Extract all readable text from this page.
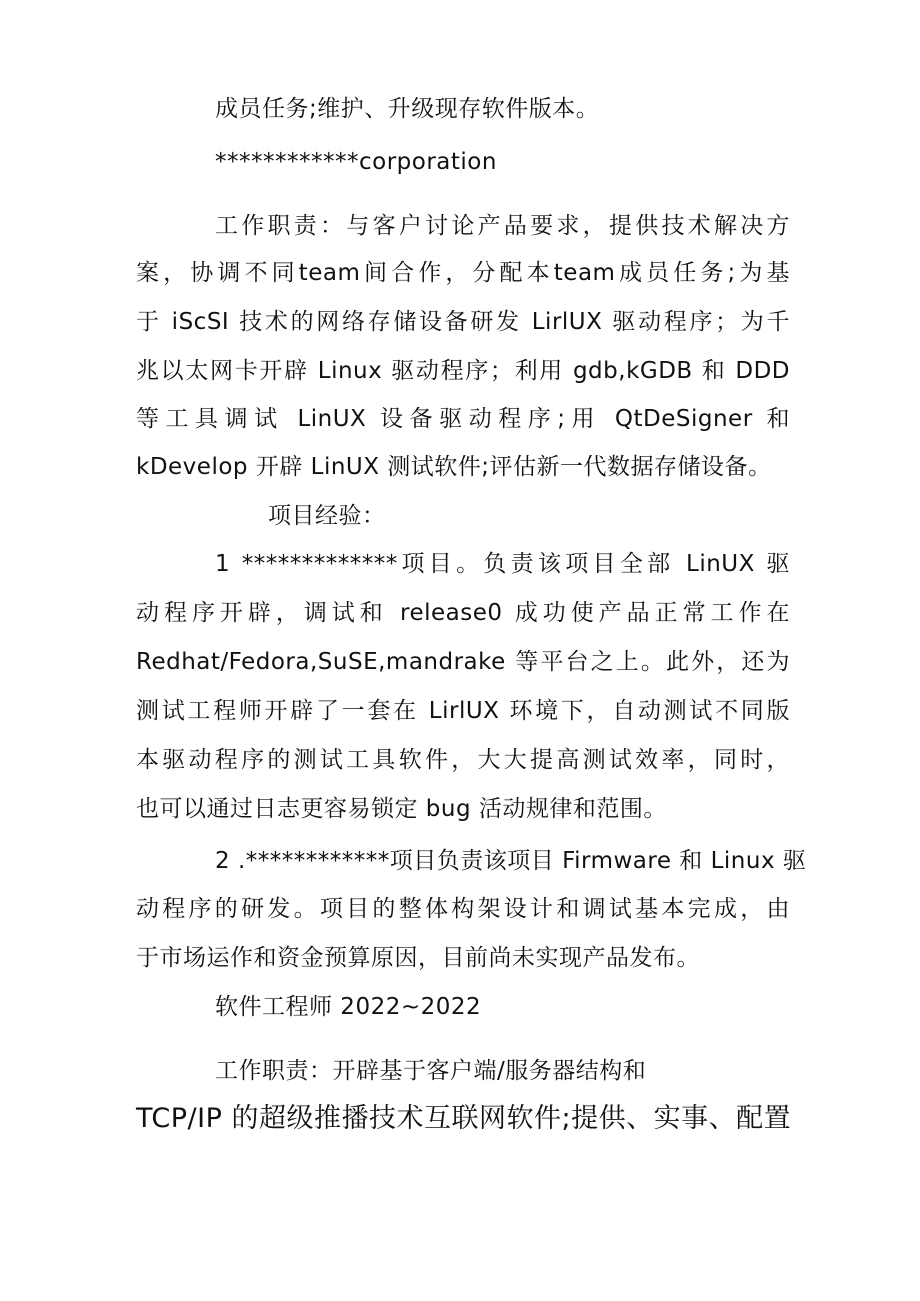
成员任务;维护、升级现存软件版本。
************corporation
工作职责：与客户讨论产品要求，提供技术解决方
案，协调不同team间合作，分配本team成员任务;为基
于 iScSI 技术的网络存储设备研发 LirlUX 驱动程序；为千
兆以太网卡开辟 Linux 驱动程序；利用 gdb,kGDB 和 DDD
等工具调试 LinUX 设备驱动程序;用 QtDeSigner 和
kDevelop 开辟 LinUX 测试软件;评估新一代数据存储设备。
项目经验：
1 *************项目。负责该项目全部 LinUX 驱
动程序开辟，调试和 release0 成功使产品正常工作在
Redhat/Fedora,SuSE,mandrake 等平台之上。此外，还为
测试工程师开辟了一套在 LirlUX 环境下，自动测试不同版
本驱动程序的测试工具软件，大大提高测试效率，同时，
也可以通过日志更容易锁定 bug 活动规律和范围。
2 .************项目负责该项目 Firmware 和 Linux 驱
动程序的研发。项目的整体构架设计和调试基本完成，由
于市场运作和资金预算原因，目前尚未实现产品发布。
软件工程师 2022~2022
工作职责：开辟基于客户端/服务器结构和
TCP/IP 的超级推播技术互联网软件;提供、实事、配置
